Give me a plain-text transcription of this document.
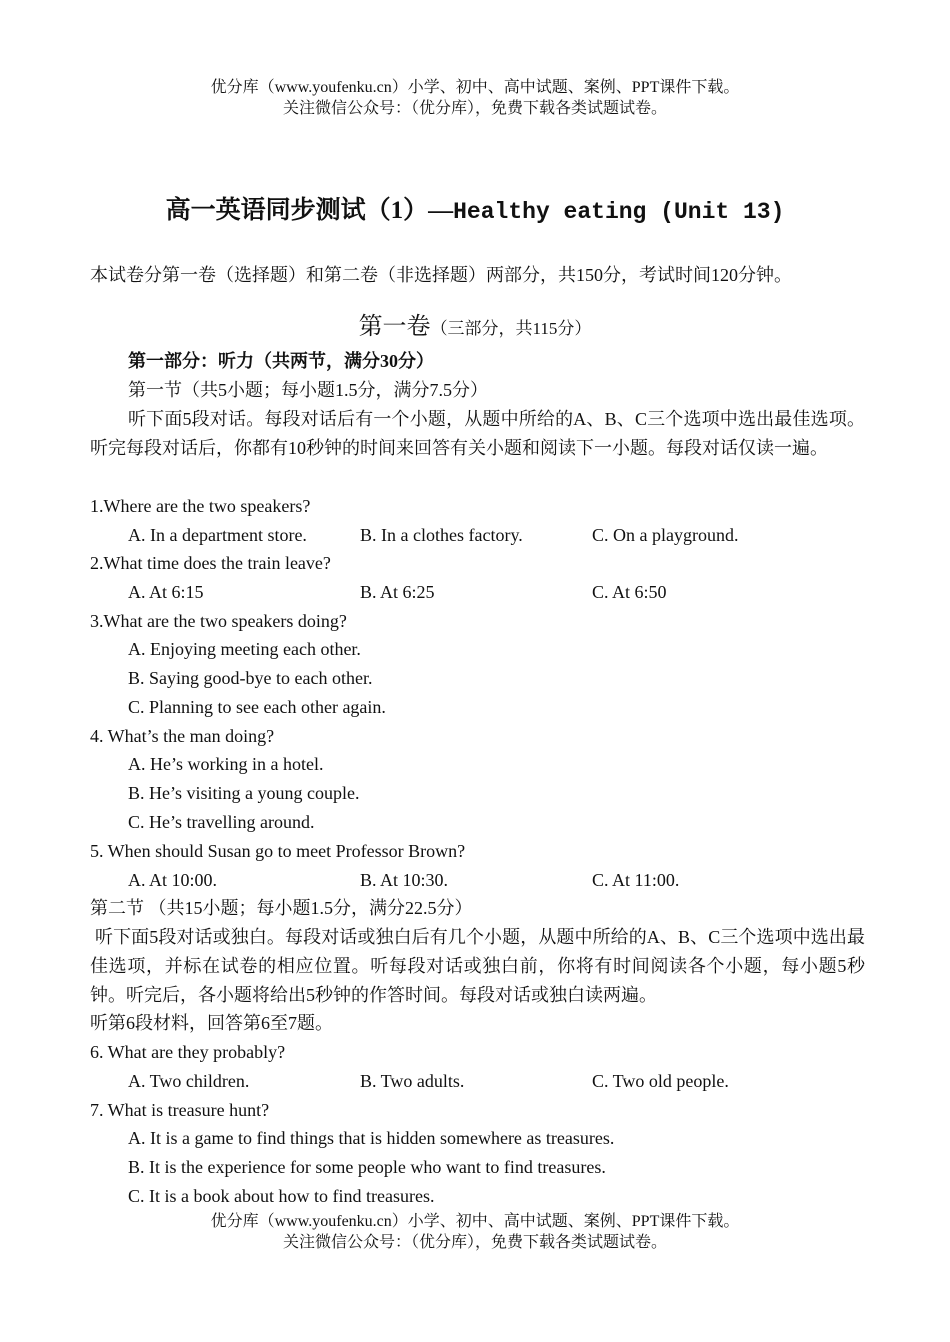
优分库（www.youfenku.cn）小学、初中、高中试题、案例、PPT课件下载。
关注微信公众号：（优分库），免费下载各类试题试卷。
高一英语同步测试（1）—Healthy eating (Unit 13)
本试卷分第一卷（选择题）和第二卷（非选择题）两部分，共150分，考试时间120分钟。
第一卷（三部分，共115分）
第一部分：听力（共两节，满分30分）
第一节（共5小题；每小题1.5分，满分7.5分）
听下面5段对话。每段对话后有一个小题，从题中所给的A、B、C三个选项中选出最佳选项。听完每段对话后，你都有10秒钟的时间来回答有关小题和阅读下一小题。每段对话仅读一遍。
1.Where are the two speakers?
A. In a department store.	B. In a clothes factory.	C. On a playground.
2.What time does the train leave?
A. At 6:15	B. At 6:25	C. At 6:50
3.What are the two speakers doing?
A. Enjoying meeting each other.
B. Saying good-bye to each other.
C. Planning to see each other again.
4. What’s the man doing?
A. He’s working in a hotel.
B. He’s visiting a young couple.
C. He’s travelling around.
5. When should Susan go to meet Professor Brown?
A. At 10:00.	B. At 10:30.	C. At 11:00.
第二节 （共15小题；每小题1.5分，满分22.5分）
听下面5段对话或独白。每段对话或独白后有几个小题，从题中所给的A、B、C三个选项中选出最佳选项，并标在试卷的相应位置。听每段对话或独白前，你将有时间阅读各个小题，每小题5秒钟。听完后，各小题将给出5秒钟的作答时间。每段对话或独白读两遍。
听第6段材料，回答第6至7题。
6. What are they probably?
A. Two children.	B. Two adults.	C. Two old people.
7. What is treasure hunt?
A. It is a game to find things that is hidden somewhere as treasures.
B. It is the experience for some people who want to find treasures.
C. It is a book about how to find treasures.
优分库（www.youfenku.cn）小学、初中、高中试题、案例、PPT课件下载。
关注微信公众号：（优分库），免费下载各类试题试卷。
